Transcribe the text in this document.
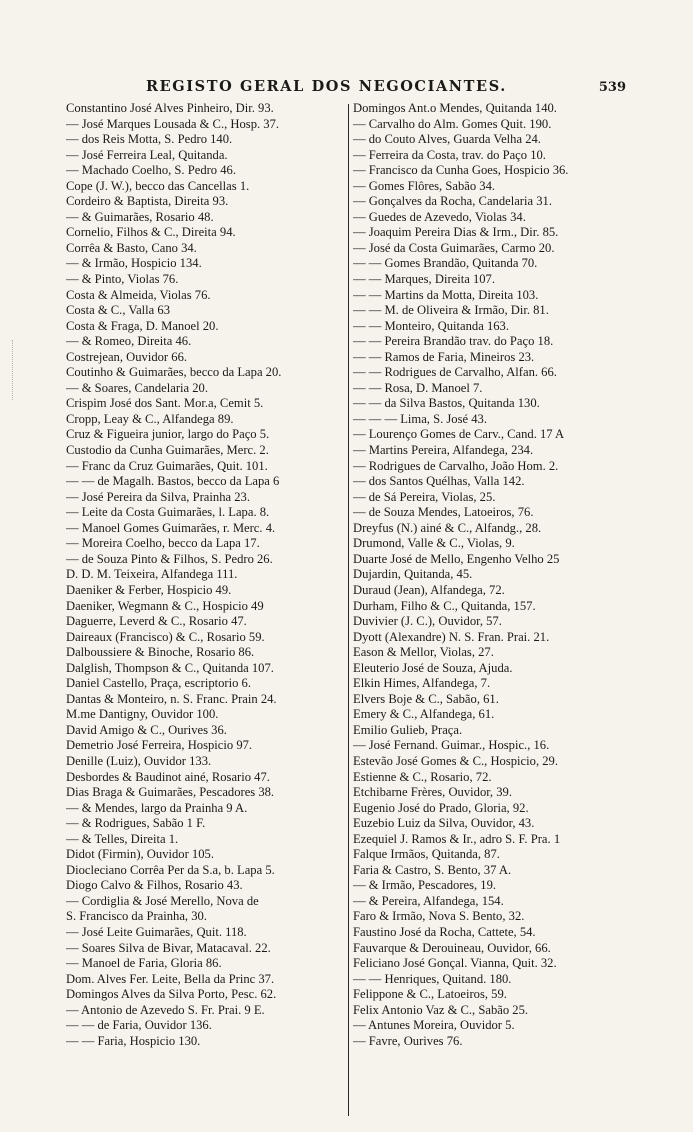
REGISTO GERAL DOS NEGOCIANTES.	539
Constantino José Alves Pinheiro, Dir. 93.
— José Marques Lousada & C., Hosp. 37.
— dos Reis Motta, S. Pedro 140.
— José Ferreira Leal, Quitanda.
— Machado Coelho, S. Pedro 46.
Cope (J. W.), becco das Cancellas 1.
Cordeiro & Baptista, Direita 93.
— & Guimarães, Rosario 48.
Cornelio, Filhos & C., Direita 94.
Corrêa & Basto, Cano 34.
— & Irmão, Hospicio 134.
— & Pinto, Violas 76.
Costa & Almeida, Violas 76.
Costa & C., Valla 63
Costa & Fraga, D. Manoel 20.
— & Romeo, Direita 46.
Costrejean, Ouvidor 66.
Coutinho & Guimarães, becco da Lapa 20.
— & Soares, Candelaria 20.
Crispim José dos Sant. Mor.a, Cemit 5.
Cropp, Leay & C., Alfandega 89.
Cruz & Figueira junior, largo do Paço 5.
Custodio da Cunha Guimarães, Merc. 2.
— Franc da Cruz Guimarães, Quit. 101.
— — de Magalh. Bastos, becco da Lapa 6
— José Pereira da Silva, Prainha 23.
— Leite da Costa Guimarães, l. Lapa. 8.
— Manoel Gomes Guimarães, r. Merc. 4.
— Moreira Coelho, becco da Lapa 17.
— de Souza Pinto & Filhos, S. Pedro 26.
D. D. M. Teixeira, Alfandega 111.
Daeniker & Ferber, Hospicio 49.
Daeniker, Wegmann & C., Hospicio 49
Daguerre, Leverd & C., Rosario 47.
Daireaux (Francisco) & C., Rosario 59.
Dalboussiere & Binoche, Rosario 86.
Dalglish, Thompson & C., Quitanda 107.
Daniel Castello, Praça, escriptorio 6.
Dantas & Monteiro, n. S. Franc. Prain 24.
M.me Dantigny, Ouvidor 100.
David Amigo & C., Ourives 36.
Demetrio José Ferreira, Hospicio 97.
Denille (Luiz), Ouvidor 133.
Desbordes & Baudinot ainé, Rosario 47.
Dias Braga & Guimarães, Pescadores 38.
— & Mendes, largo da Prainha 9 A.
— & Rodrigues, Sabão 1 F.
— & Telles, Direita 1.
Didot (Firmin), Ouvidor 105.
Diocleciano Corrêa Per da S.a, b. Lapa 5.
Diogo Calvo & Filhos, Rosario 43.
— Cordiglia & José Merello, Nova de
S. Francisco da Prainha, 30.
— José Leite Guimarães, Quit. 118.
— Soares Silva de Bivar, Matacaval. 22.
— Manoel de Faria, Gloria 86.
Dom. Alves Fer. Leite, Bella da Princ 37.
Domingos Alves da Silva Porto, Pesc. 62.
— Antonio de Azevedo S. Fr. Prai. 9 E.
— — de Faria, Ouvidor 136.
— — Faria, Hospicio 130.
Domingos Ant.o Mendes, Quitanda 140.
— Carvalho do Alm. Gomes Quit. 190.
— do Couto Alves, Guarda Velha 24.
— Ferreira da Costa, trav. do Paço 10.
— Francisco da Cunha Goes, Hospicio 36.
— Gomes Flôres, Sabão 34.
— Gonçalves da Rocha, Candelaria 31.
— Guedes de Azevedo, Violas 34.
— Joaquim Pereira Dias & Irm., Dir. 85.
— José da Costa Guimarães, Carmo 20.
— — Gomes Brandão, Quitanda 70.
— — Marques, Direita 107.
— — Martins da Motta, Direita 103.
— — M. de Oliveira & Irmão, Dir. 81.
— — Monteiro, Quitanda 163.
— — Pereira Brandão trav. do Paço 18.
— — Ramos de Faria, Mineiros 23.
— — Rodrigues de Carvalho, Alfan. 66.
— — Rosa, D. Manoel 7.
— — da Silva Bastos, Quitanda 130.
— — — Lima, S. José 43.
— Lourenço Gomes de Carv., Cand. 17 A
— Martins Pereira, Alfandega, 234.
— Rodrigues de Carvalho, João Hom. 2.
— dos Santos Quélhas, Valla 142.
— de Sá Pereira, Violas, 25.
— de Souza Mendes, Latoeiros, 76.
Dreyfus (N.) ainé & C., Alfandg., 28.
Drumond, Valle & C., Violas, 9.
Duarte José de Mello, Engenho Velho 25
Dujardin, Quitanda, 45.
Duraud (Jean), Alfandega, 72.
Durham, Filho & C., Quitanda, 157.
Duvivier (J. C.), Ouvidor, 57.
Dyott (Alexandre) N. S. Fran. Prai. 21.
Eason & Mellor, Violas, 27.
Eleuterio José de Souza, Ajuda.
Elkin Himes, Alfandega, 7.
Elvers Boje & C., Sabão, 61.
Emery & C., Alfandega, 61.
Emilio Gulieb, Praça.
— José Fernand. Guimar., Hospic., 16.
Estevão José Gomes & C., Hospicio, 29.
Estienne & C., Rosario, 72.
Etchibarne Frères, Ouvidor, 39.
Eugenio José do Prado, Gloria, 92.
Euzebio Luiz da Silva, Ouvidor, 43.
Ezequiel J. Ramos & Ir., adro S. F. Pra. 1
Falque Irmãos, Quitanda, 87.
Faria & Castro, S. Bento, 37 A.
— & Irmão, Pescadores, 19.
— & Pereira, Alfandega, 154.
Faro & Irmão, Nova S. Bento, 32.
Faustino José da Rocha, Cattete, 54.
Fauvarque & Derouineau, Ouvidor, 66.
Feliciano José Gonçal. Vianna, Quit. 32.
— — Henriques, Quitand. 180.
Felippone & C., Latoeiros, 59.
Felix Antonio Vaz & C., Sabão 25.
— Antunes Moreira, Ouvidor 5.
— Favre, Ourives 76.
